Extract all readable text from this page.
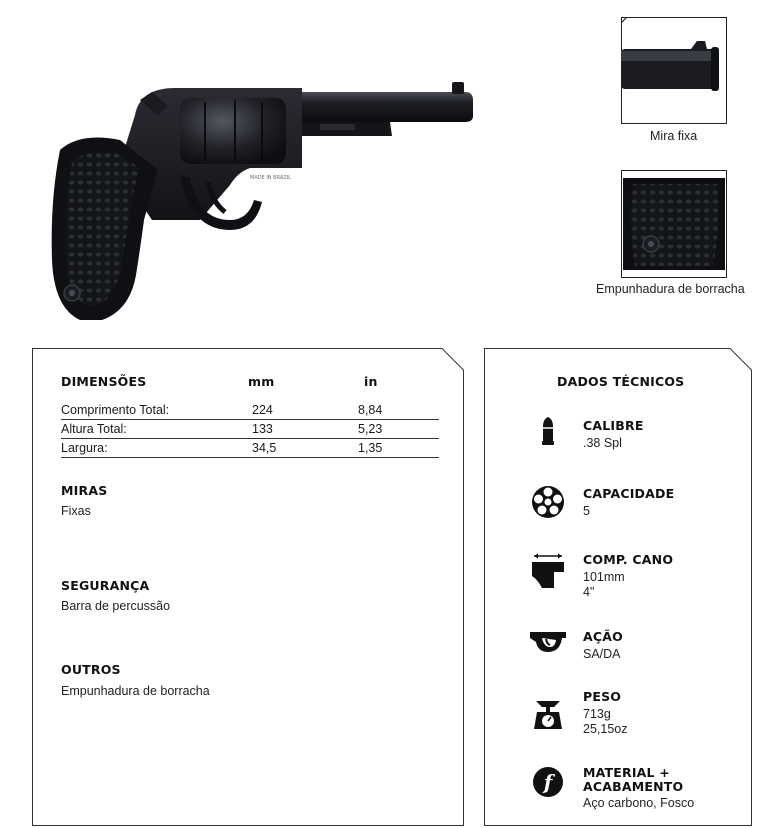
MADE IN BRAZIL
Mira fixa
Empunhadura de borracha
DIMENSÕES	mm	in
Comprimento Total:	224	8,84
Altura Total:	133	5,23
Largura:	34,5	1,35
MIRAS
Fixas
SEGURANÇA
Barra de percussão
OUTROS
Empunhadura de borracha
DADOS TÉCNICOS
CALIBRE
.38 Spl
CAPACIDADE
5
COMP. CANO
101mm
4"
AÇÃO
SA/DA
PESO
713g
25,15oz
f MATERIAL +
ACABAMENTO
Aço carbono, Fosco
